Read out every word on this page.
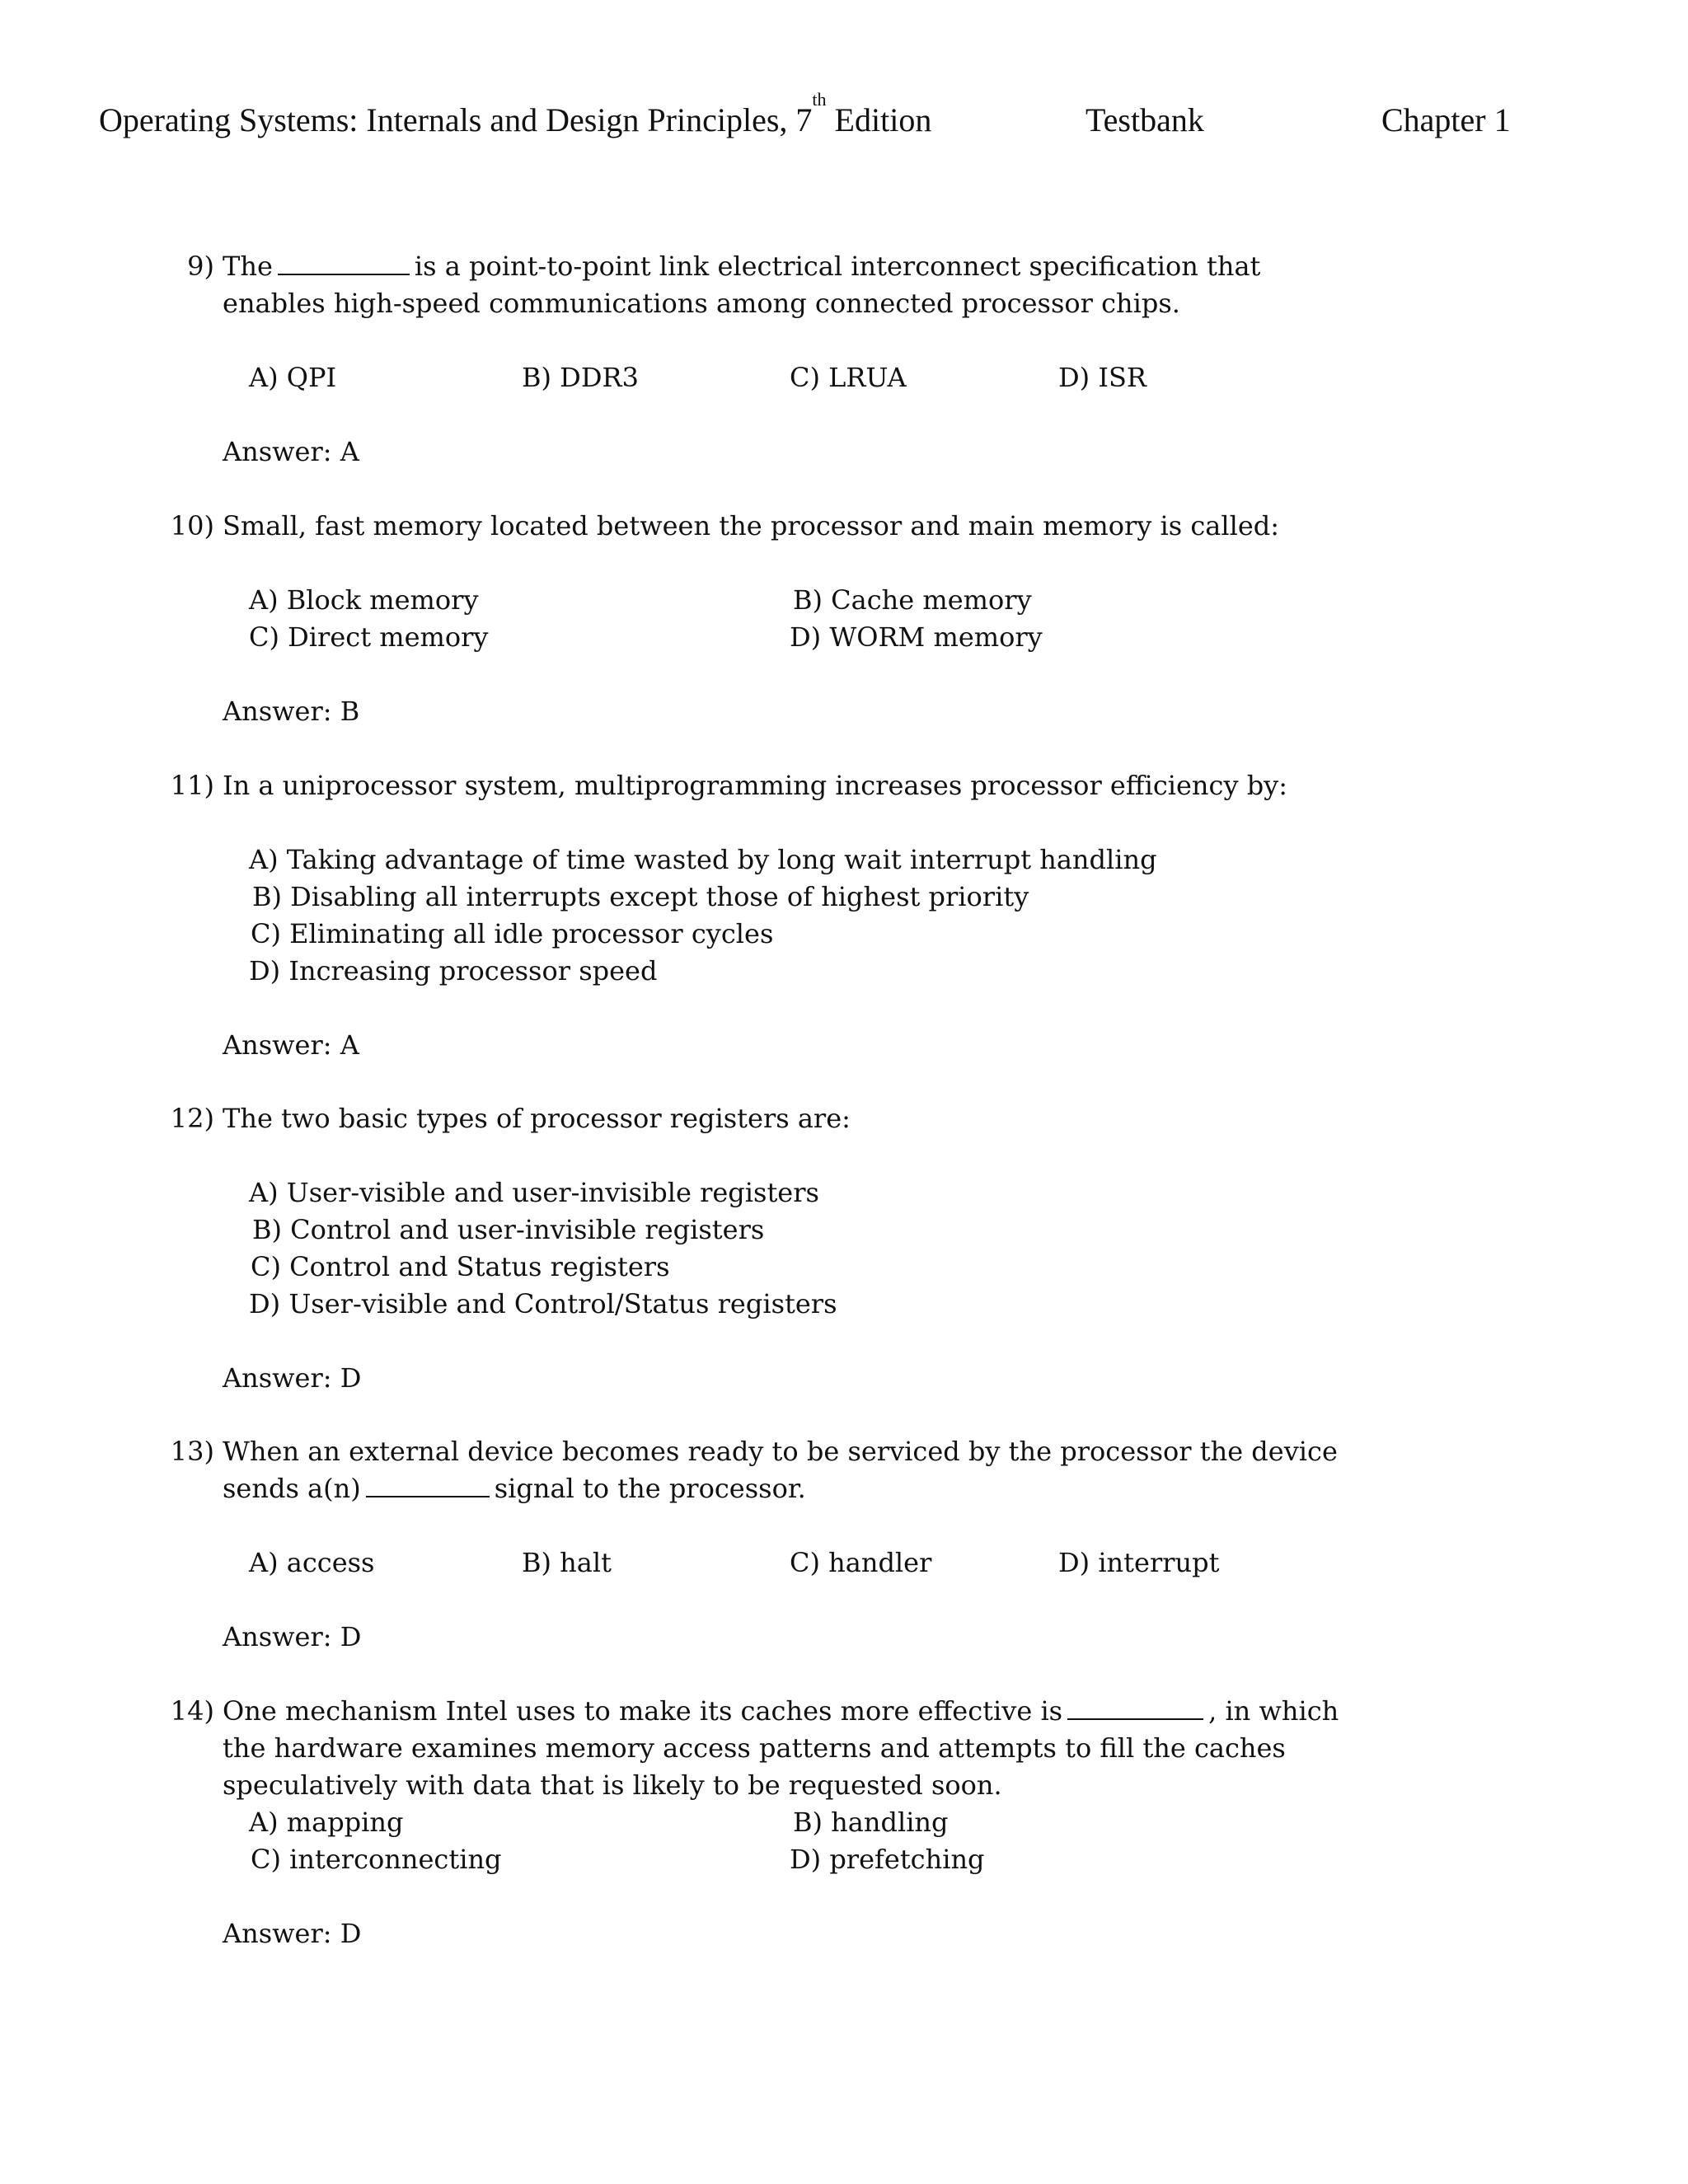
Operating Systems: Internals and Design Principles, 7th Edition	Testbank	Chapter 1
9) The	is a point-to-point link electrical interconnect specification that
enables high-speed communications among connected processor chips.
A) QPI	B) DDR3	C) LRUA	D) ISR
Answer: A
10) Small, fast memory located between the processor and main memory is called:
A) Block memory	B) Cache memory
C) Direct memory	D) WORM memory
Answer: B
11) In a uniprocessor system, multiprogramming increases processor efficiency by:
A) Taking advantage of time wasted by long wait interrupt handling
B) Disabling all interrupts except those of highest priority
C) Eliminating all idle processor cycles
D) Increasing processor speed
Answer: A
12) The two basic types of processor registers are:
A) User-visible and user-invisible registers
B) Control and user-invisible registers
C) Control and Status registers
D) User-visible and Control/Status registers
Answer: D
13) When an external device becomes ready to be serviced by the processor the device
sends a(n)	signal to the processor.
A) access	B) halt	C) handler	D) interrupt
Answer: D
14) One mechanism Intel uses to make its caches more effective is	, in which
the hardware examines memory access patterns and attempts to fill the caches
speculatively with data that is likely to be requested soon.
A) mapping	B) handling
C) interconnecting	D) prefetching
Answer: D
